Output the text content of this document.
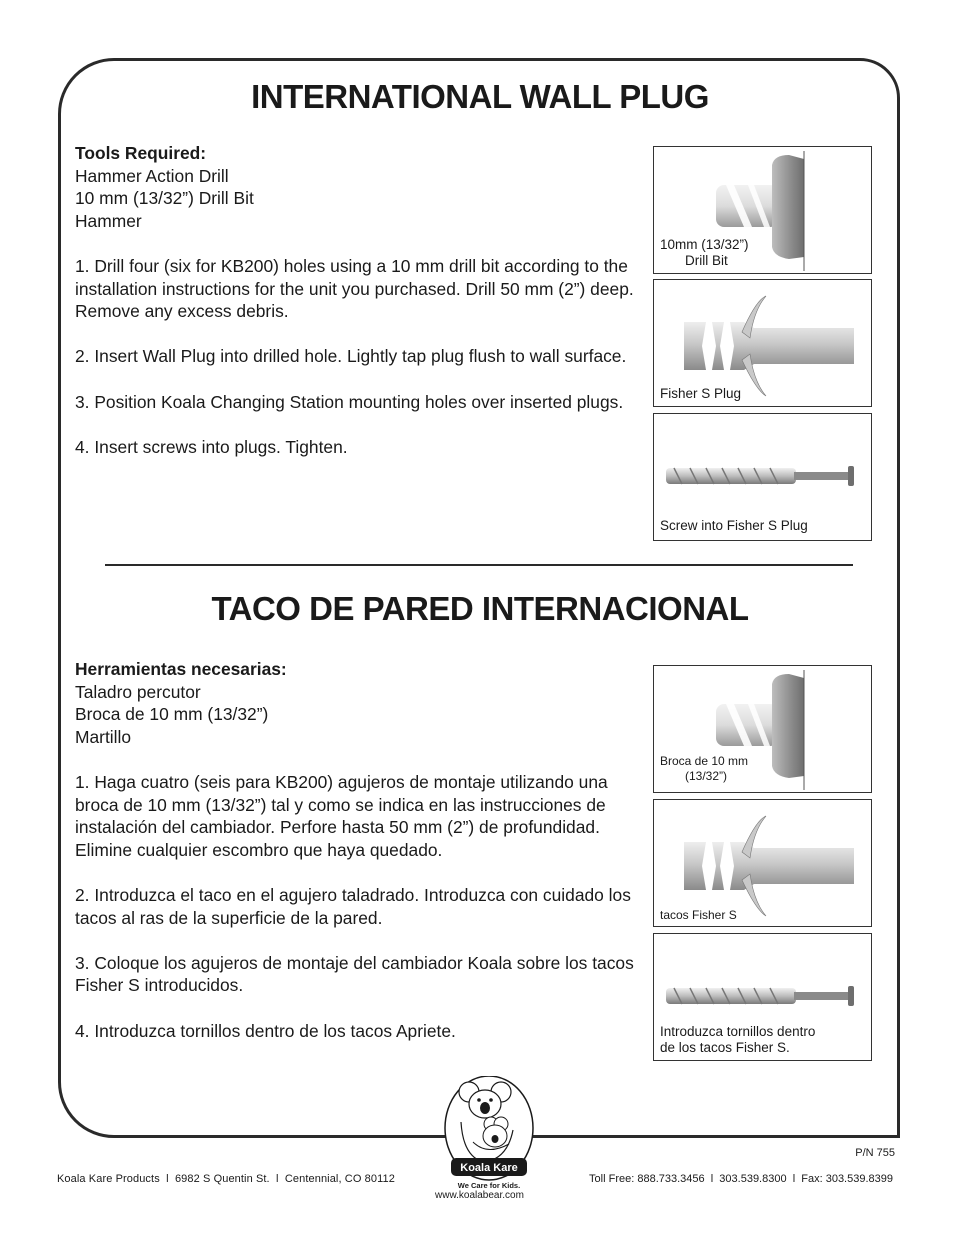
INTERNATIONAL WALL PLUG

Tools Required:

Hammer Action Drill

10 mm (13/32”) Drill Bit

Hammer

1. Drill four (six for KB200) holes using a 10 mm drill bit according to the installation instructions for the unit you purchased. Drill 50 mm (2”) deep. Remove any excess debris.

2. Insert Wall Plug into drilled hole. Lightly tap plug flush to wall surface.

3. Position Koala Changing Station mounting holes over inserted plugs.

4. Insert screws into plugs. Tighten.

10mm (13/32”)
Drill Bit
Fisher S Plug
Screw into Fisher S Plug
TACO DE PARED INTERNACIONAL

Herramientas necesarias:

Taladro percutor

Broca de 10 mm (13/32”)

Martillo

1. Haga cuatro (seis para KB200) agujeros de montaje utilizando una broca de 10 mm (13/32”) tal y como se indica en las instrucciones de instalación del cambiador. Perfore hasta 50 mm (2”) de profundidad. Elimine cualquier escombro que haya quedado.

2. Introduzca el taco en el agujero taladrado. Introduzca con cuidado los tacos al ras de la superficie de la pared.

3. Coloque los agujeros de montaje del cambiador Koala sobre los tacos Fisher S introducidos.

4. Introduzca tornillos dentro de los tacos Apriete.

Broca de 10 mm
(13/32”)
tacos Fisher S
Introduzca tornillos dentro
de los tacos Fisher S.
Koala Kare
We Care for Kids.
P/N 755
Koala Kare Products  l  6982 S Quentin St.  l  Centennial, CO 80112	Toll Free: 888.733.3456  l  303.539.8300  l  Fax: 303.539.8399
www.koalabear.com
